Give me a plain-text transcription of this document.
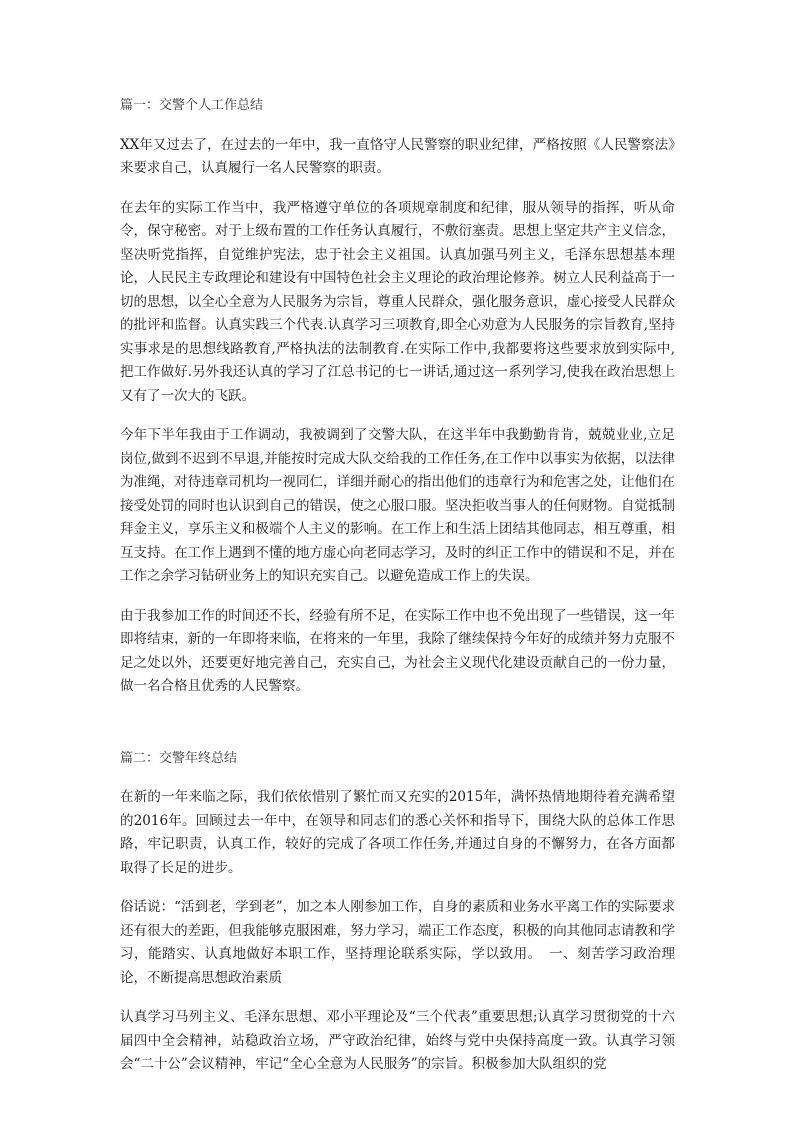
篇一：交警个人工作总结

XX年又过去了，在过去的一年中，我一直恪守人民警察的职业纪律，严格按照《人民警察法》来要求自己，认真履行一名人民警察的职责。

在去年的实际工作当中，我严格遵守单位的各项规章制度和纪律，服从领导的指挥，听从命令，保守秘密。对于上级布置的工作任务认真履行，不敷衍塞责。思想上坚定共产主义信念，坚决听党指挥，自觉维护宪法，忠于社会主义祖国。认真加强马列主义，毛泽东思想基本理论，人民民主专政理论和建设有中国特色社会主义理论的政治理论修养。树立人民利益高于一切的思想，以全心全意为人民服务为宗旨，尊重人民群众，强化服务意识，虚心接受人民群众的批评和监督。认真实践三个代表.认真学习三项教育,即全心劝意为人民服务的宗旨教育,坚持实事求是的思想线路教育,严格执法的法制教育.在实际工作中,我都要将这些要求放到实际中,把工作做好.另外我还认真的学习了江总书记的七一讲话,通过这一系列学习,使我在政治思想上又有了一次大的飞跃。

今年下半年我由于工作调动，我被调到了交警大队，在这半年中我勤勤肯肯，兢兢业业,立足岗位,做到不迟到不早退,并能按时完成大队交给我的工作任务,在工作中以事实为依据，以法律为准绳，对待违章司机均一视同仁，详细并耐心的指出他们的违章行为和危害之处，让他们在接受处罚的同时也认识到自己的错误，使之心服口服。坚决拒收当事人的任何财物。自觉抵制拜金主义，享乐主义和极端个人主义的影响。在工作上和生活上团结其他同志，相互尊重，相互支持。在工作上遇到不懂的地方虚心向老同志学习，及时的纠正工作中的错误和不足，并在工作之余学习钻研业务上的知识充实自己。以避免造成工作上的失误。

由于我参加工作的时间还不长，经验有所不足，在实际工作中也不免出现了一些错误，这一年即将结束，新的一年即将来临，在将来的一年里，我除了继续保持今年好的成绩并努力克服不足之处以外，还要更好地完善自己，充实自己，为社会主义现代化建设贡献自己的一份力量，做一名合格且优秀的人民警察。

篇二：交警年终总结

在新的一年来临之际，我们依依惜别了繁忙而又充实的2015年，满怀热情地期待着充满希望的2016年。回顾过去一年中，在领导和同志们的悉心关怀和指导下，围绕大队的总体工作思路，牢记职责，认真工作，较好的完成了各项工作任务,并通过自身的不懈努力，在各方面都取得了长足的进步。

俗话说：“活到老，学到老”，加之本人刚参加工作，自身的素质和业务水平离工作的实际要求还有很大的差距，但我能够克服困难，努力学习，端正工作态度，积极的向其他同志请教和学习，能踏实、认真地做好本职工作，坚持理论联系实际，学以致用。　一、刻苦学习政治理论，不断提高思想政治素质

认真学习马列主义、毛泽东思想、邓小平理论及“三个代表”重要思想;认真学习贯彻党的十六届四中全会精神，站稳政治立场，严守政治纪律，始终与党中央保持高度一致。认真学习领会“二十公”会议精神，牢记“全心全意为人民服务”的宗旨。积极参加大队组织的党
